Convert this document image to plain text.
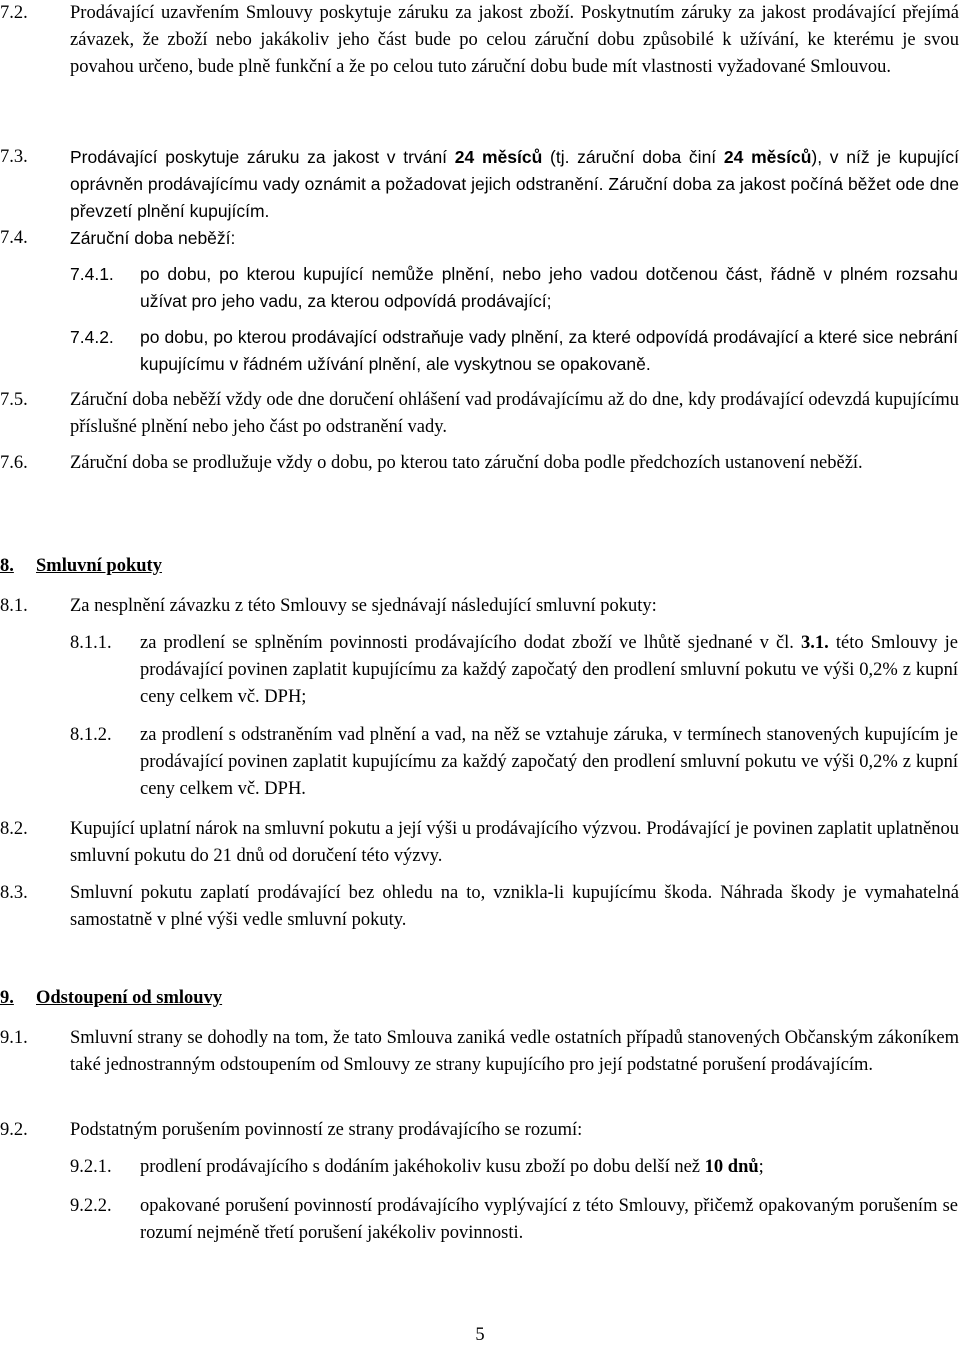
7.2.	Prodávající uzavřením Smlouvy poskytuje záruku za jakost zboží. Poskytnutím záruky za jakost prodávající přejímá závazek, že zboží nebo jakákoliv jeho část bude po celou záruční dobu způsobilé k užívání, ke kterému je svou povahou určeno, bude plně funkční a že po celou tuto záruční dobu bude mít vlastnosti vyžadované Smlouvou.
7.3.	Prodávající poskytuje záruku za jakost v trvání 24 měsíců (tj. záruční doba činí 24 měsíců), v níž je kupující oprávněn prodávajícímu vady oznámit a požadovat jejich odstranění. Záruční doba za jakost počíná běžet ode dne převzetí plnění kupujícím.
7.4.	Záruční doba neběží:
7.4.1.	po dobu, po kterou kupující nemůže plnění, nebo jeho vadou dotčenou část, řádně v plném rozsahu užívat pro jeho vadu, za kterou odpovídá prodávající;
7.4.2.	po dobu, po kterou prodávající odstraňuje vady plnění, za které odpovídá prodávající a které sice nebrání kupujícímu v řádném užívání plnění, ale vyskytnou se opakovaně.
7.5.	Záruční doba neběží vždy ode dne doručení ohlášení vad prodávajícímu až do dne, kdy prodávající odevzdá kupujícímu příslušné plnění nebo jeho část po odstranění vady.
7.6.	Záruční doba se prodlužuje vždy o dobu, po kterou tato záruční doba podle předchozích ustanovení neběží.
8. Smluvní pokuty
8.1.	Za nesplnění závazku z této Smlouvy se sjednávají následující smluvní pokuty:
8.1.1.	za prodlení se splněním povinnosti prodávajícího dodat zboží ve lhůtě sjednané v čl. 3.1. této Smlouvy je prodávající povinen zaplatit kupujícímu za každý započatý den prodlení smluvní pokutu ve výši 0,2% z kupní ceny celkem vč. DPH;
8.1.2.	za prodlení s odstraněním vad plnění a vad, na něž se vztahuje záruka, v termínech stanovených kupujícím je prodávající povinen zaplatit kupujícímu za každý započatý den prodlení smluvní pokutu ve výši 0,2% z kupní ceny celkem vč. DPH.
8.2.	Kupující uplatní nárok na smluvní pokutu a její výši u prodávajícího výzvou. Prodávající je povinen zaplatit uplatněnou smluvní pokutu do 21 dnů od doručení této výzvy.
8.3.	Smluvní pokutu zaplatí prodávající bez ohledu na to, vznikla-li kupujícímu škoda. Náhrada škody je vymahatelná samostatně v plné výši vedle smluvní pokuty.
9. Odstoupení od smlouvy
9.1.	Smluvní strany se dohodly na tom, že tato Smlouva zaniká vedle ostatních případů stanovených Občanským zákoníkem také jednostranným odstoupením od Smlouvy ze strany kupujícího pro její podstatné porušení prodávajícím.
9.2.	Podstatným porušením povinností ze strany prodávajícího se rozumí:
9.2.1.	prodlení prodávajícího s dodáním jakéhokoliv kusu zboží po dobu delší než 10 dnů;
9.2.2.	opakované porušení povinností prodávajícího vyplývající z této Smlouvy, přičemž opakovaným porušením se rozumí nejméně třetí porušení jakékoliv povinnosti.
5
